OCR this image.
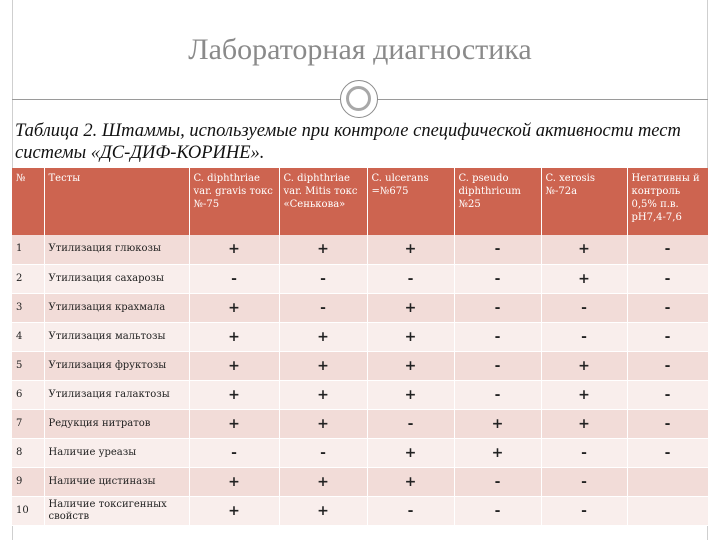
Лабораторная диагностика

Таблица 2. Штаммы, используемые при контроле специфической активности тест системы «ДС-ДИФ-КОРИНЕ».

№	Тесты	C. diphthriae var. gravis токс №-75	C. diphthriae var. Mitis токс «Сенькова»	C. ulcerans =№675	C. pseudo diphthricum №25	C. xerosis №-72а	Негативны й контроль 0,5% п.в. рН7,4-7,6
1	Утилизация глюкозы	+	+	+	-	+	-
2	Утилизация сахарозы	-	-	-	-	+	-
3	Утилизация крахмала	+	-	+	-	-	-
4	Утилизация мальтозы	+	+	+	-	-	-
5	Утилизация фруктозы	+	+	+	-	+	-
6	Утилизация галактозы	+	+	+	-	+	-
7	Редукция нитратов	+	+	-	+	+	-
8	Наличие уреазы	-	-	+	+	-	-
9	Наличие цистиназы	+	+	+	-	-	
10	Наличие токсигенных свойств	+	+	-	-	-	
